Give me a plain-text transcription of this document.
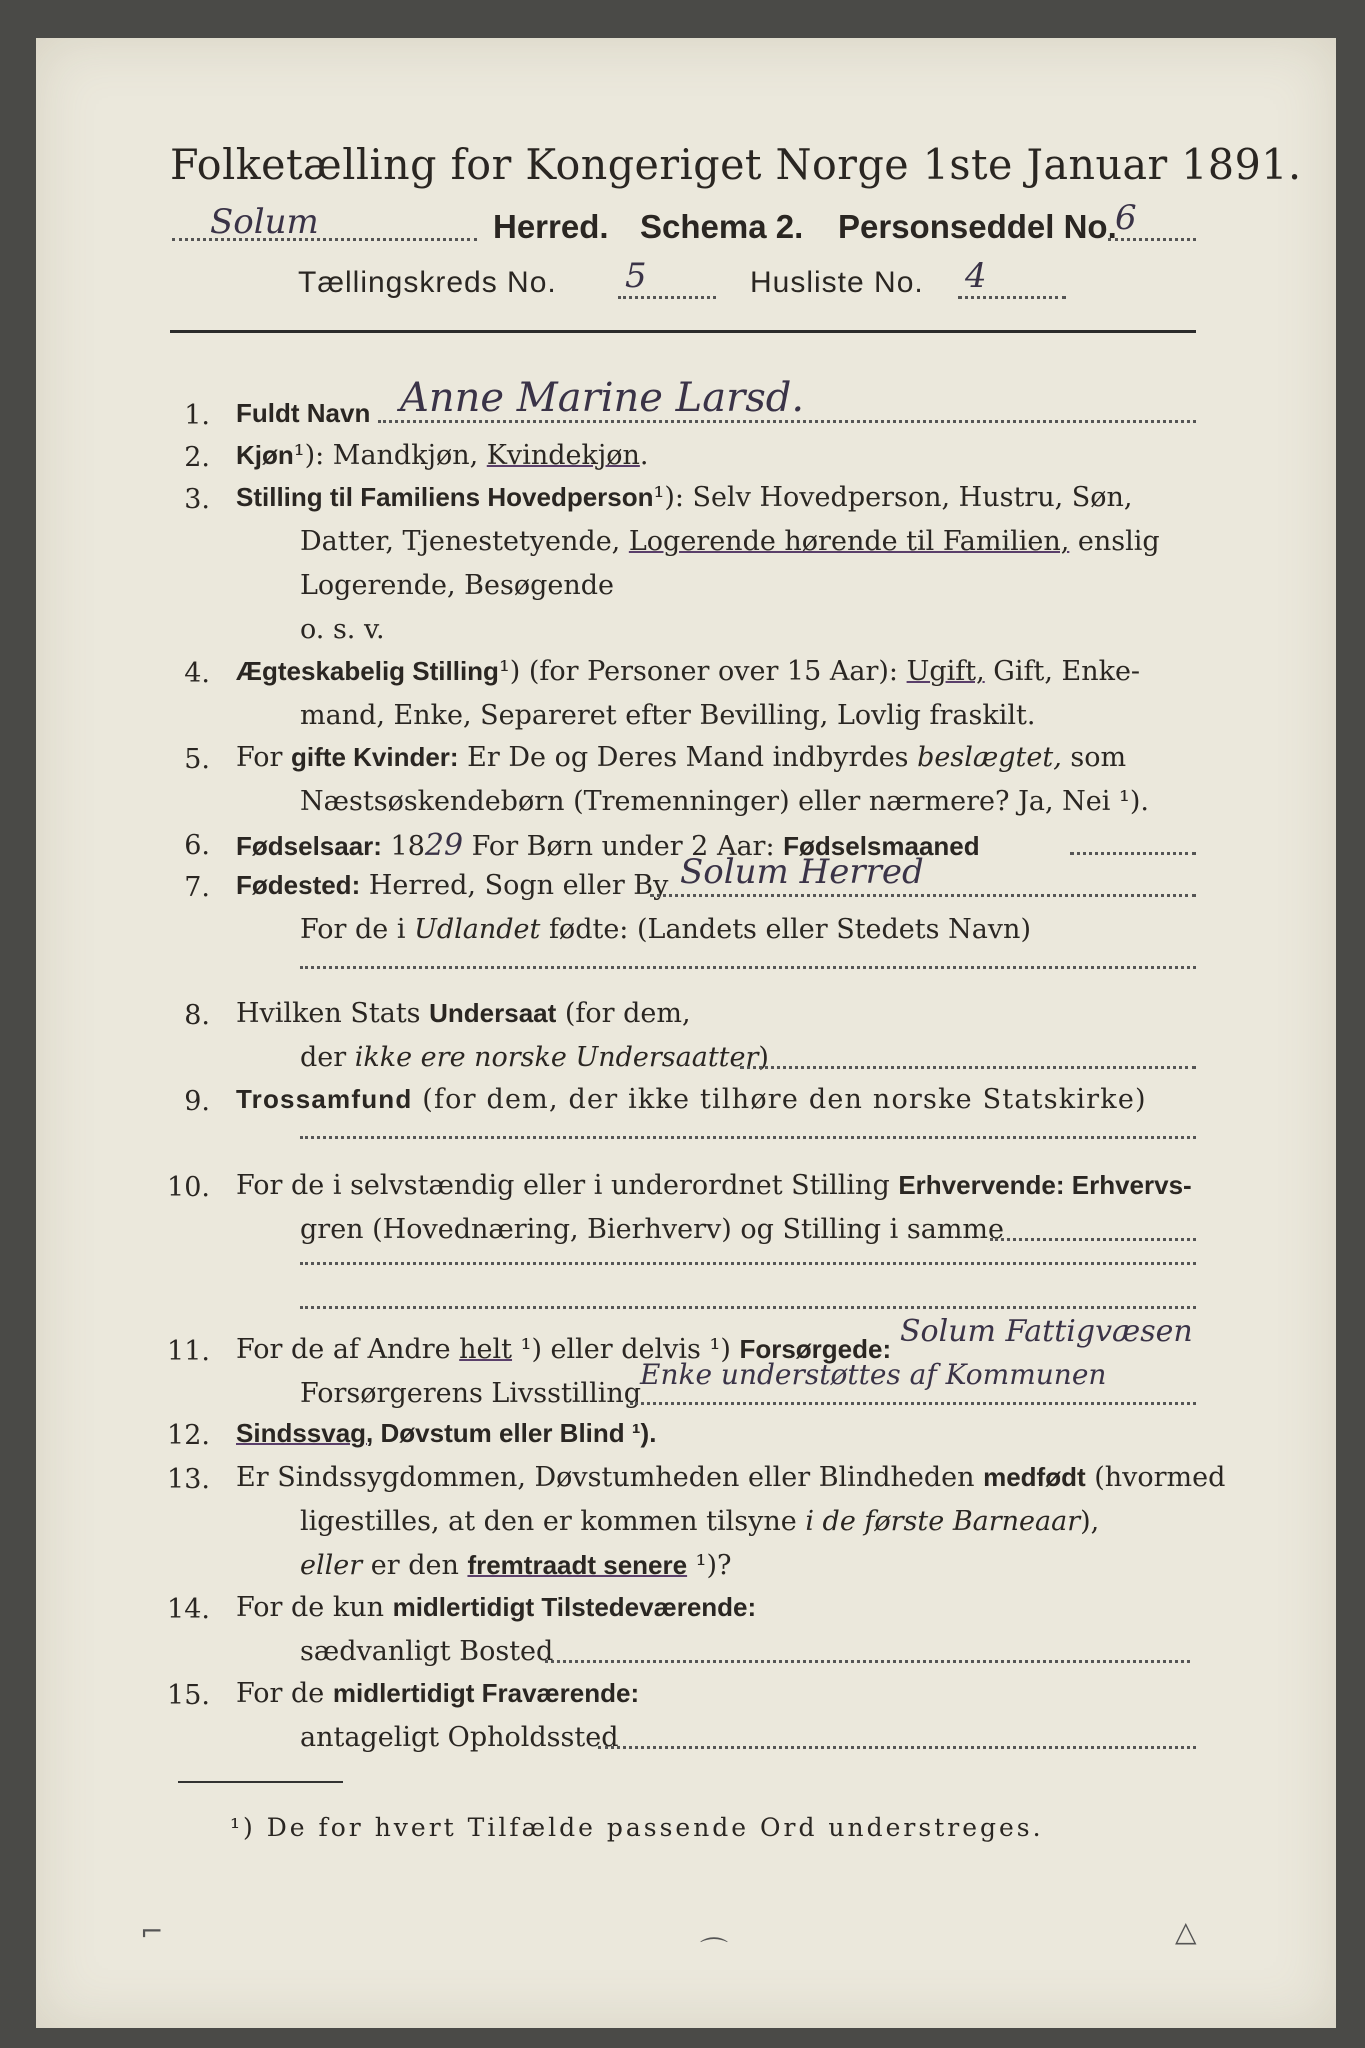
Folketælling for Kongeriget Norge 1ste Januar 1891.
Solum	Herred. Schema 2. Personseddel No.
6
Tællingskreds No. 5	Husliste No. 4
1. Fuldt Navn Anne Marine Larsd.
2. Kjøn¹): Mandkjøn, Kvindekjøn.
3. Stilling til Familiens Hovedperson¹): Selv Hovedperson, Hustru, Søn,
Datter, Tjenestetyende, Logerende hørende til Familien, enslig
Logerende, Besøgende
o. s. v.
4. Ægteskabelig Stilling¹) (for Personer over 15 Aar): Ugift, Gift, Enke-
mand, Enke, Separeret efter Bevilling, Lovlig fraskilt.
5. For gifte Kvinder: Er De og Deres Mand indbyrdes beslægtet, som
Næstsøskendebørn (Tremenninger) eller nærmere? Ja, Nei ¹).
6. Fødselsaar: 1829 For Børn under 2 Aar: Fødselsmaaned
7. Fødested: Herred, Sogn eller By Solum Herred
For de i Udlandet fødte: (Landets eller Stedets Navn)
8. Hvilken Stats Undersaat (for dem,
der ikke ere norske Undersaatter)
9. Trossamfund (for dem, der ikke tilhøre den norske Statskirke)
10. For de i selvstændig eller i underordnet Stilling Erhvervende: Erhvervs-
gren (Hovednæring, Bierhverv) og Stilling i samme
11. For de af Andre helt ¹) eller delvis ¹) Forsørgede: Solum Fattigvæsen
Forsørgerens Livsstilling
Enke understøttes af Kommunen
12. Sindssvag, Døvstum eller Blind ¹).
13. Er Sindssygdommen, Døvstumheden eller Blindheden medfødt (hvormed
ligestilles, at den er kommen tilsyne i de første Barneaar),
eller er den fremtraadt senere ¹)?
14. For de kun midlertidigt Tilstedeværende:
sædvanligt Bosted
15. For de midlertidigt Fraværende:
antageligt Opholdssted
¹) De for hvert Tilfælde passende Ord understreges.
⌐
⌒
△
